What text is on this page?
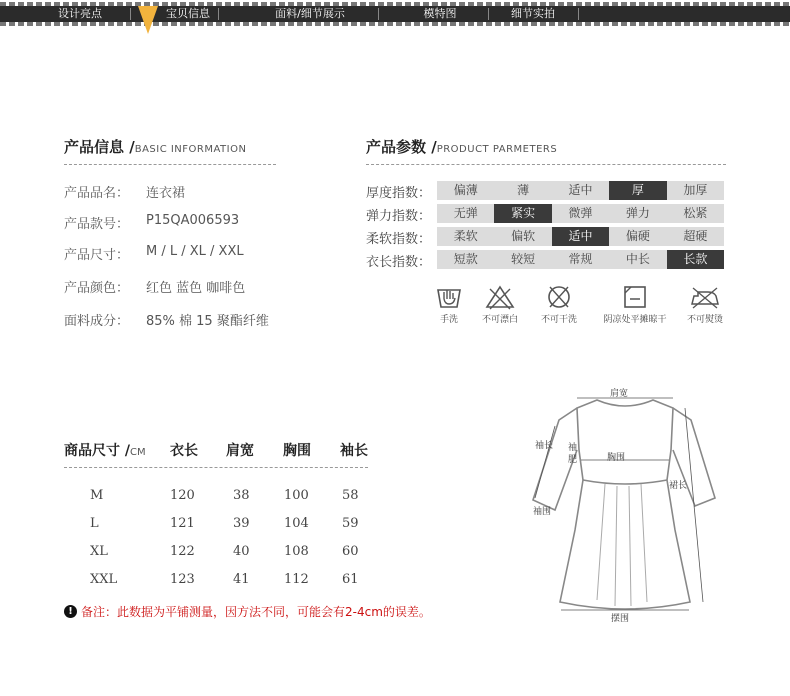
设计亮点	宝贝信息	面料/细节展示	模特图	细节实拍
产品信息 /BASIC INFORMATION
产品品名： 连衣裙
产品款号： P15QA006593
产品尺寸： M / L / XL / XXL
产品颜色： 红色 蓝色 咖啡色
面料成分： 85% 棉 15 聚酯纤维
产品参数 /PRODUCT PARMETERS
厚度指数：	偏薄	薄	适中	厚	加厚
弹力指数：	无弹	紧实	微弹	弹力	松紧
柔软指数：	柔软	偏软	适中	偏硬	超硬
衣长指数：	短款	较短	常规	中长	长款
手洗	不可漂白	不可干洗	阴凉处平摊晾干	不可熨烫
商品尺寸 /CM 衣长 肩宽 胸围 袖长
M	120	38	100	58
L	121	39	104	59
XL	122	40	108	60
XXL	123	41	112	61
! 备注：此数据为平铺测量，因方法不同，可能会有2-4cm的误差。
肩宽
袖长 袖
肥	胸围
裙长
袖围
摆围
